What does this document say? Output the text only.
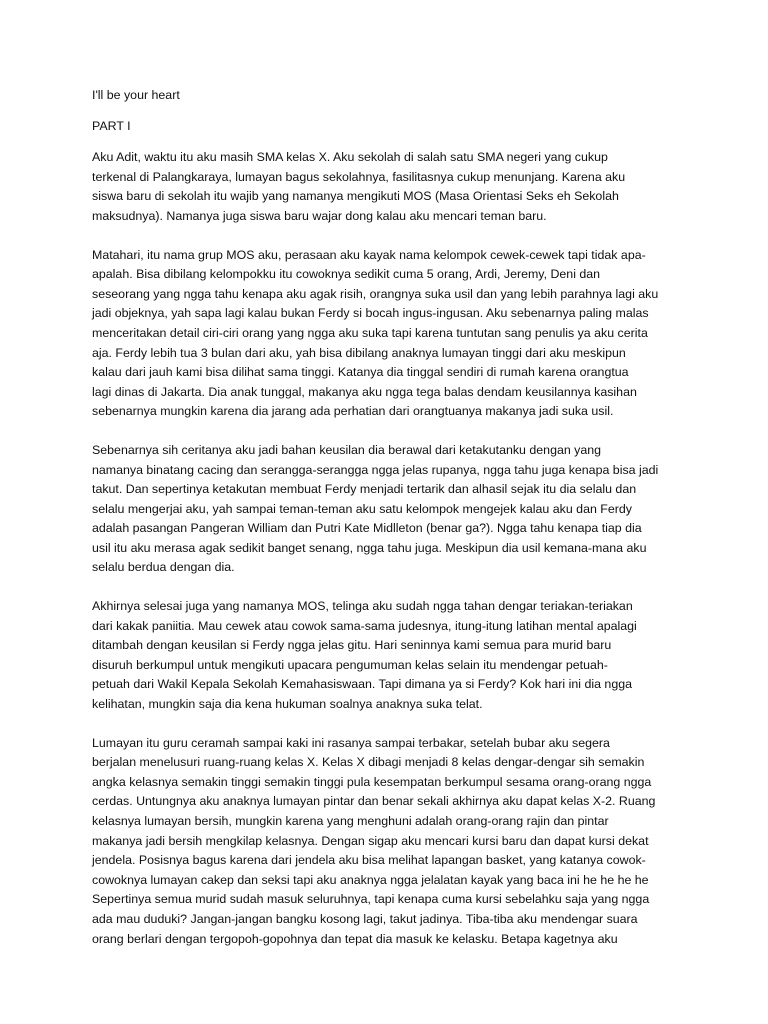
I'll be your heart

PART I

Aku Adit, waktu itu aku masih SMA kelas X. Aku sekolah di salah satu SMA negeri yang cukup
terkenal di Palangkaraya, lumayan bagus sekolahnya, fasilitasnya cukup menunjang. Karena aku
siswa baru di sekolah itu wajib yang namanya mengikuti MOS (Masa Orientasi Seks eh Sekolah
maksudnya). Namanya juga siswa baru wajar dong kalau aku mencari teman baru.

Matahari, itu nama grup MOS aku, perasaan aku kayak nama kelompok cewek-cewek tapi tidak apa-
apalah. Bisa dibilang kelompokku itu cowoknya sedikit cuma 5 orang, Ardi, Jeremy, Deni dan
seseorang yang ngga tahu kenapa aku agak risih, orangnya suka usil dan yang lebih parahnya lagi aku
jadi objeknya, yah sapa lagi kalau bukan Ferdy si bocah ingus-ingusan. Aku sebenarnya paling malas
menceritakan detail ciri-ciri orang yang ngga aku suka tapi karena tuntutan sang penulis ya aku cerita
aja. Ferdy lebih tua 3 bulan dari aku, yah bisa dibilang anaknya lumayan tinggi dari aku meskipun
kalau dari jauh kami bisa dilihat sama tinggi. Katanya dia tinggal sendiri di rumah karena orangtua
lagi dinas di Jakarta. Dia anak tunggal, makanya aku ngga tega balas dendam keusilannya kasihan
sebenarnya mungkin karena dia jarang ada perhatian dari orangtuanya makanya jadi suka usil.

Sebenarnya sih ceritanya aku jadi bahan keusilan dia berawal dari ketakutanku dengan yang
namanya binatang cacing dan serangga-serangga ngga jelas rupanya, ngga tahu juga kenapa bisa jadi
takut. Dan sepertinya ketakutan membuat Ferdy menjadi tertarik dan alhasil sejak itu dia selalu dan
selalu mengerjai aku, yah sampai teman-teman aku satu kelompok mengejek kalau aku dan Ferdy
adalah pasangan Pangeran William dan Putri Kate Midlleton (benar ga?). Ngga tahu kenapa tiap dia
usil itu aku merasa agak sedikit banget senang, ngga tahu juga. Meskipun dia usil kemana-mana aku
selalu berdua dengan dia.

Akhirnya selesai juga yang namanya MOS, telinga aku sudah ngga tahan dengar teriakan-teriakan
dari kakak paniitia. Mau cewek atau cowok sama-sama judesnya, itung-itung latihan mental apalagi
ditambah dengan keusilan si Ferdy ngga jelas gitu. Hari seninnya kami semua para murid baru
disuruh berkumpul untuk mengikuti upacara pengumuman kelas selain itu mendengar petuah-
petuah dari Wakil Kepala Sekolah Kemahasiswaan. Tapi dimana ya si Ferdy? Kok hari ini dia ngga
kelihatan, mungkin saja dia kena hukuman soalnya anaknya suka telat.

Lumayan itu guru ceramah sampai kaki ini rasanya sampai terbakar, setelah bubar aku segera
berjalan menelusuri ruang-ruang kelas X. Kelas X dibagi menjadi 8 kelas dengar-dengar sih semakin
angka kelasnya semakin tinggi semakin tinggi pula kesempatan berkumpul sesama orang-orang ngga
cerdas. Untungnya aku anaknya lumayan pintar dan benar sekali akhirnya aku dapat kelas X-2. Ruang
kelasnya lumayan bersih, mungkin karena yang menghuni adalah orang-orang rajin dan pintar
makanya jadi bersih mengkilap kelasnya. Dengan sigap aku mencari kursi baru dan dapat kursi dekat
jendela. Posisnya bagus karena dari jendela aku bisa melihat lapangan basket, yang katanya cowok-
cowoknya lumayan cakep dan seksi tapi aku anaknya ngga jelalatan kayak yang baca ini he he he he
Sepertinya semua murid sudah masuk seluruhnya, tapi kenapa cuma kursi sebelahku saja yang ngga
ada mau duduki? Jangan-jangan bangku kosong lagi, takut jadinya. Tiba-tiba aku mendengar suara
orang berlari dengan tergopoh-gopohnya dan tepat dia masuk ke kelasku. Betapa kagetnya aku
